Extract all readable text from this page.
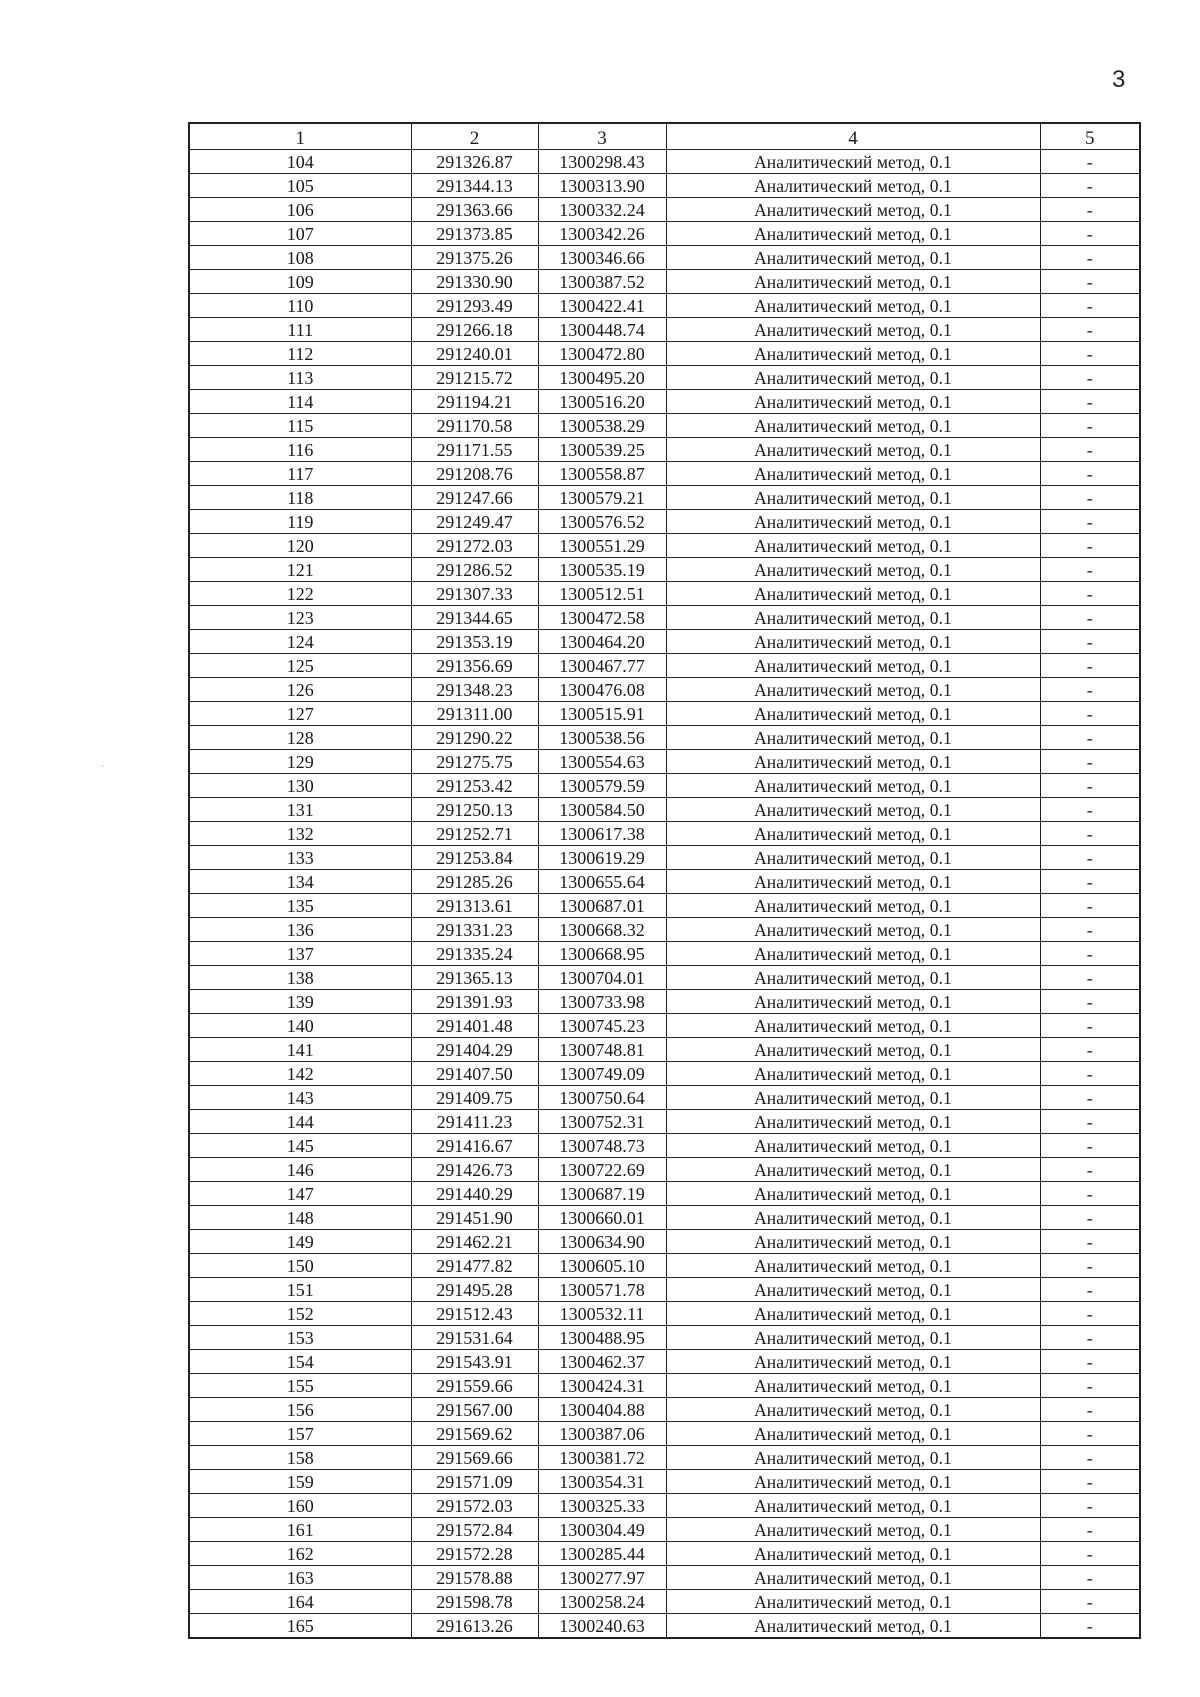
3
·
1	2	3	4	5
104	291326.87	1300298.43	Аналитический метод, 0.1	-
105	291344.13	1300313.90	Аналитический метод, 0.1	-
106	291363.66	1300332.24	Аналитический метод, 0.1	-
107	291373.85	1300342.26	Аналитический метод, 0.1	-
108	291375.26	1300346.66	Аналитический метод, 0.1	-
109	291330.90	1300387.52	Аналитический метод, 0.1	-
110	291293.49	1300422.41	Аналитический метод, 0.1	-
111	291266.18	1300448.74	Аналитический метод, 0.1	-
112	291240.01	1300472.80	Аналитический метод, 0.1	-
113	291215.72	1300495.20	Аналитический метод, 0.1	-
114	291194.21	1300516.20	Аналитический метод, 0.1	-
115	291170.58	1300538.29	Аналитический метод, 0.1	-
116	291171.55	1300539.25	Аналитический метод, 0.1	-
117	291208.76	1300558.87	Аналитический метод, 0.1	-
118	291247.66	1300579.21	Аналитический метод, 0.1	-
119	291249.47	1300576.52	Аналитический метод, 0.1	-
120	291272.03	1300551.29	Аналитический метод, 0.1	-
121	291286.52	1300535.19	Аналитический метод, 0.1	-
122	291307.33	1300512.51	Аналитический метод, 0.1	-
123	291344.65	1300472.58	Аналитический метод, 0.1	-
124	291353.19	1300464.20	Аналитический метод, 0.1	-
125	291356.69	1300467.77	Аналитический метод, 0.1	-
126	291348.23	1300476.08	Аналитический метод, 0.1	-
127	291311.00	1300515.91	Аналитический метод, 0.1	-
128	291290.22	1300538.56	Аналитический метод, 0.1	-
129	291275.75	1300554.63	Аналитический метод, 0.1	-
130	291253.42	1300579.59	Аналитический метод, 0.1	-
131	291250.13	1300584.50	Аналитический метод, 0.1	-
132	291252.71	1300617.38	Аналитический метод, 0.1	-
133	291253.84	1300619.29	Аналитический метод, 0.1	-
134	291285.26	1300655.64	Аналитический метод, 0.1	-
135	291313.61	1300687.01	Аналитический метод, 0.1	-
136	291331.23	1300668.32	Аналитический метод, 0.1	-
137	291335.24	1300668.95	Аналитический метод, 0.1	-
138	291365.13	1300704.01	Аналитический метод, 0.1	-
139	291391.93	1300733.98	Аналитический метод, 0.1	-
140	291401.48	1300745.23	Аналитический метод, 0.1	-
141	291404.29	1300748.81	Аналитический метод, 0.1	-
142	291407.50	1300749.09	Аналитический метод, 0.1	-
143	291409.75	1300750.64	Аналитический метод, 0.1	-
144	291411.23	1300752.31	Аналитический метод, 0.1	-
145	291416.67	1300748.73	Аналитический метод, 0.1	-
146	291426.73	1300722.69	Аналитический метод, 0.1	-
147	291440.29	1300687.19	Аналитический метод, 0.1	-
148	291451.90	1300660.01	Аналитический метод, 0.1	-
149	291462.21	1300634.90	Аналитический метод, 0.1	-
150	291477.82	1300605.10	Аналитический метод, 0.1	-
151	291495.28	1300571.78	Аналитический метод, 0.1	-
152	291512.43	1300532.11	Аналитический метод, 0.1	-
153	291531.64	1300488.95	Аналитический метод, 0.1	-
154	291543.91	1300462.37	Аналитический метод, 0.1	-
155	291559.66	1300424.31	Аналитический метод, 0.1	-
156	291567.00	1300404.88	Аналитический метод, 0.1	-
157	291569.62	1300387.06	Аналитический метод, 0.1	-
158	291569.66	1300381.72	Аналитический метод, 0.1	-
159	291571.09	1300354.31	Аналитический метод, 0.1	-
160	291572.03	1300325.33	Аналитический метод, 0.1	-
161	291572.84	1300304.49	Аналитический метод, 0.1	-
162	291572.28	1300285.44	Аналитический метод, 0.1	-
163	291578.88	1300277.97	Аналитический метод, 0.1	-
164	291598.78	1300258.24	Аналитический метод, 0.1	-
165	291613.26	1300240.63	Аналитический метод, 0.1	-
